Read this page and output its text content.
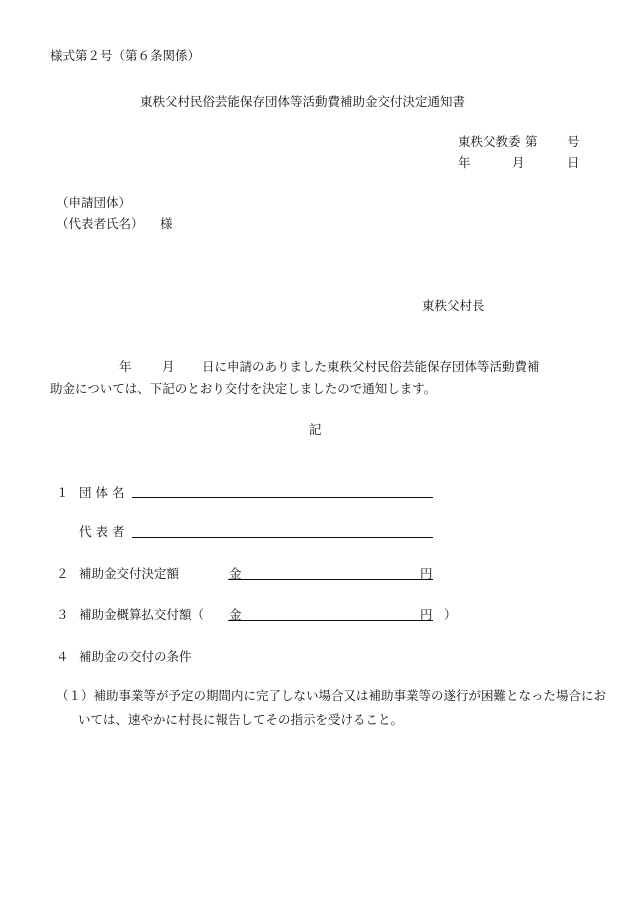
様式第２号（第６条関係）
東秩父村民俗芸能保存団体等活動費補助金交付決定通知書
東秩父教委 第 号
年	月	日
（申請団体）
（代表者氏名） 様
東秩父村長
年 月 日に申請のありました東秩父村民俗芸能保存団体等活動費補
助金については、下記のとおり交付を決定しましたので通知します。
記
１ 団 体 名
代 表 者
２ 補助金交付決定額	金	円
３ 補助金概算払交付額（ 金	円 ）
４ 補助金の交付の条件
（１）補助事業等が予定の期間内に完了しない場合又は補助事業等の遂行が困難となった場合においては、速やかに村長に報告してその指示を受けること。
